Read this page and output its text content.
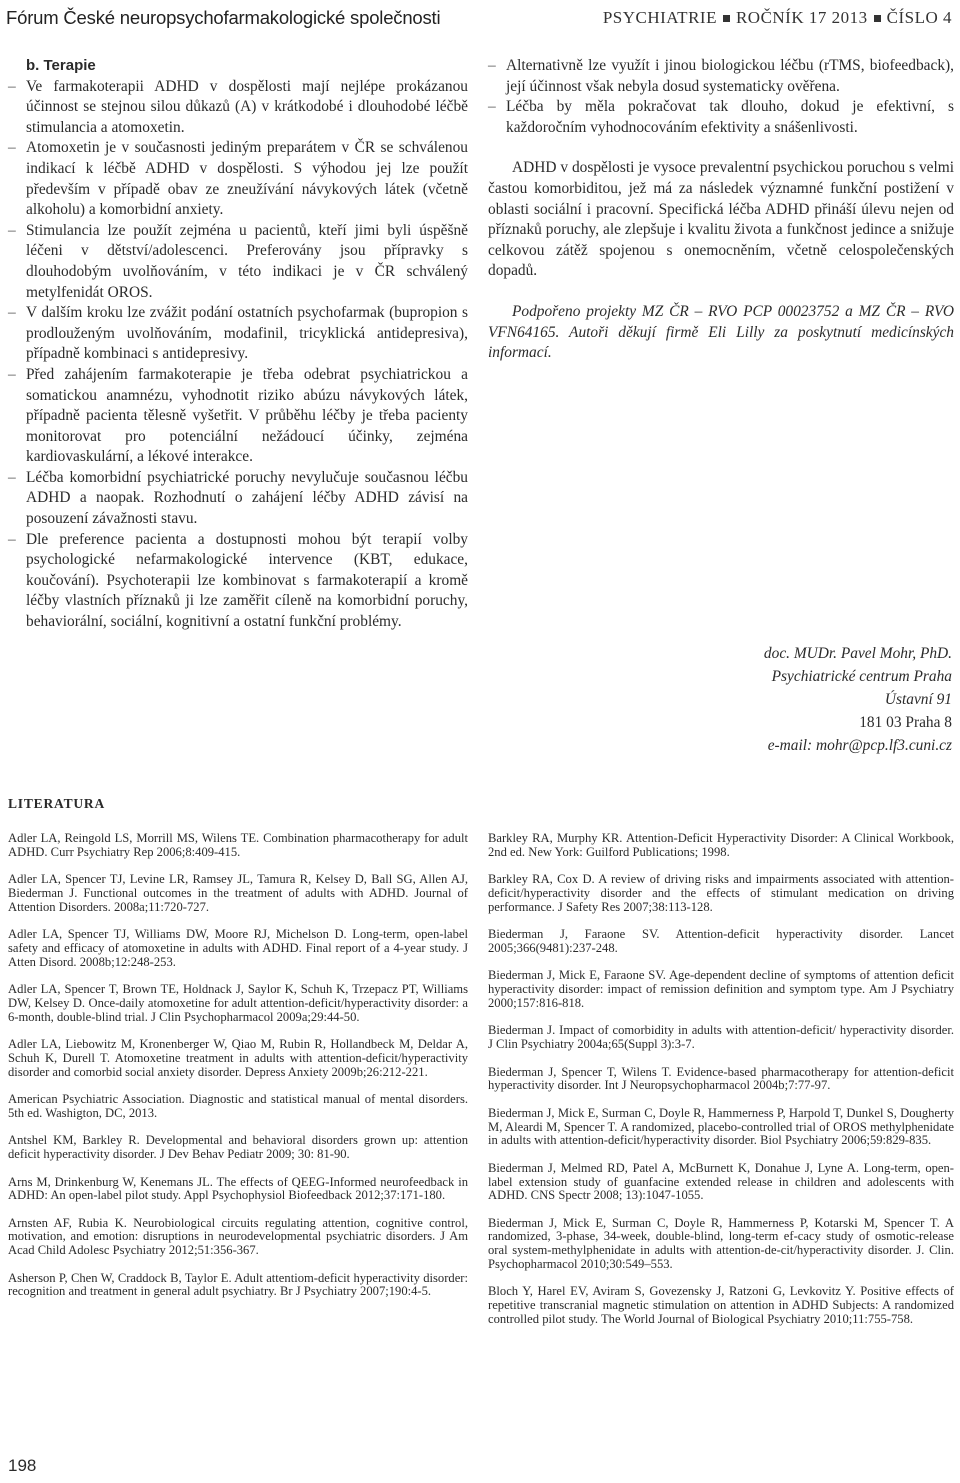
Fórum České neuropsychofarmakologické společnosti	PSYCHIATRIE ROČNÍK 17 2013 ČÍSLO 4
b. Terapie
– Ve farmakoterapii ADHD v dospělosti mají nejlépe prokázanou účinnost se stejnou silou důkazů (A) v krátkodobé i dlouhodobé léčbě stimulancia a atomoxetin.
– Atomoxetin je v současnosti jediným preparátem v ČR se schválenou indikací k léčbě ADHD v dospělosti. S výhodou jej lze použít především v případě obav ze zneužívání návykových látek (včetně alkoholu) a komorbidní anxiety.
– Stimulancia lze použít zejména u pacientů, kteří jimi byli úspěšně léčeni v dětství/adolescenci. Preferovány jsou přípravky s dlouhodobým uvolňováním, v této indikaci je v ČR schválený metylfenidát OROS.
– V dalším kroku lze zvážit podání ostatních psychofarmak (bupropion s prodlouženým uvolňováním, modafinil, tricyklická antidepresiva), případně kombinaci s antidepresivy.
– Před zahájením farmakoterapie je třeba odebrat psychiatrickou a somatickou anamnézu, vyhodnotit riziko abúzu návykových látek, případně pacienta tělesně vyšetřit. V průběhu léčby je třeba pacienty monitorovat pro potenciální nežádoucí účinky, zejména kardiovaskulární, a lékové interakce.
– Léčba komorbidní psychiatrické poruchy nevylučuje současnou léčbu ADHD a naopak. Rozhodnutí o zahájení léčby ADHD závisí na posouzení závažnosti stavu.
– Dle preference pacienta a dostupnosti mohou být terapií volby psychologické nefarmakologické intervence (KBT, edukace, koučování). Psychoterapii lze kombinovat s farmakoterapií a kromě léčby vlastních příznaků ji lze zaměřit cíleně na komorbidní poruchy, behaviorální, sociální, kognitivní a ostatní funkční problémy.
– Alternativně lze využít i jinou biologickou léčbu (rTMS, biofeedback), její účinnost však nebyla dosud systematicky ověřena.
– Léčba by měla pokračovat tak dlouho, dokud je efektivní, s každoročním vyhodnocováním efektivity a snášenlivosti.

ADHD v dospělosti je vysoce prevalentní psychickou poruchou s velmi častou komorbiditou, jež má za následek významné funkční postižení v oblasti sociální i pracovní. Specifická léčba ADHD přináší úlevu nejen od příznaků poruchy, ale zlepšuje i kvalitu života a funkčnost jedince a snižuje celkovou zátěž spojenou s onemocněním, včetně celospolečenských dopadů.

Podpořeno projekty MZ ČR – RVO PCP 00023752 a MZ ČR – RVO VFN64165. Autoři děkují firmě Eli Lilly za poskytnutí medicínských informací.

doc. MUDr. Pavel Mohr, PhD.
Psychiatrické centrum Praha
Ústavní 91
181 03 Praha 8
e-mail: mohr@pcp.lf3.cuni.cz
LITERATURA
Adler LA, Reingold LS, Morrill MS, Wilens TE. Combination pharmacotherapy for adult ADHD. Curr Psychiatry Rep 2006;8:409-415.
Adler LA, Spencer TJ, Levine LR, Ramsey JL, Tamura R, Kelsey D, Ball SG, Allen AJ, Biederman J. Functional outcomes in the treatment of adults with ADHD. Journal of Attention Disorders. 2008a;11:720-727.
Adler LA, Spencer TJ, Williams DW, Moore RJ, Michelson D. Long-term, open-label safety and efficacy of atomoxetine in adults with ADHD. Final report of a 4-year study. J Atten Disord. 2008b;12:248-253.
Adler LA, Spencer T, Brown TE, Holdnack J, Saylor K, Schuh K, Trzepacz PT, Williams DW, Kelsey D. Once-daily atomoxetine for adult attention-deficit/hyperactivity disorder: a 6-month, double-blind trial. J Clin Psychopharmacol 2009a;29:44-50.
Adler LA, Liebowitz M, Kronenberger W, Qiao M, Rubin R, Hollandbeck M, Deldar A, Schuh K, Durell T. Atomoxetine treatment in adults with attention-deficit/hyperactivity disorder and comorbid social anxiety disorder. Depress Anxiety 2009b;26:212-221.
American Psychiatric Association. Diagnostic and statistical manual of mental disorders. 5th ed. Washigton, DC, 2013.
Antshel KM, Barkley R. Developmental and behavioral disorders grown up: attention deficit hyperactivity disorder. J Dev Behav Pediatr 2009; 30: 81-90.
Arns M, Drinkenburg W, Kenemans JL. The effects of QEEG-Informed neurofeedback in ADHD: An open-label pilot study. Appl Psychophysiol Biofeedback 2012;37:171-180.
Arnsten AF, Rubia K. Neurobiological circuits regulating attention, cognitive control, motivation, and emotion: disruptions in neurodevelopmental psychiatric disorders. J Am Acad Child Adolesc Psychiatry 2012;51:356-367.
Asherson P, Chen W, Craddock B, Taylor E. Adult attentiom-deficit hyperactivity disorder: recognition and treatment in general adult psychiatry. Br J Psychiatry 2007;190:4-5.
Barkley RA, Murphy KR. Attention-Deficit Hyperactivity Disorder: A Clinical Workbook, 2nd ed. New York: Guilford Publications; 1998.
Barkley RA, Cox D. A review of driving risks and impairments associated with attention-deficit/hyperactivity disorder and the effects of stimulant medication on driving performance. J Safety Res 2007;38:113-128.
Biederman J, Faraone SV. Attention-deficit hyperactivity disorder. Lancet 2005;366(9481):237-248.
Biederman J, Mick E, Faraone SV. Age-dependent decline of symptoms of attention deficit hyperactivity disorder: impact of remission definition and symptom type. Am J Psychiatry 2000;157:816-818.
Biederman J. Impact of comorbidity in adults with attention-deficit/ hyperactivity disorder. J Clin Psychiatry 2004a;65(Suppl 3):3-7.
Biederman J, Spencer T, Wilens T. Evidence-based pharmacotherapy for attention-deficit hyperactivity disorder. Int J Neuropsychopharmacol 2004b;7:77-97.
Biederman J, Mick E, Surman C, Doyle R, Hammerness P, Harpold T, Dunkel S, Dougherty M, Aleardi M, Spencer T. A randomized, placebo-controlled trial of OROS methylphenidate in adults with attention-deficit/hyperactivity disorder. Biol Psychiatry 2006;59:829-835.
Biederman J, Melmed RD, Patel A, McBurnett K, Donahue J, Lyne A. Long-term, open-label extension study of guanfacine extended release in children and adolescents with ADHD. CNS Spectr 2008; 13):1047-1055.
Biederman J, Mick E, Surman C, Doyle R, Hammerness P, Kotarski M, Spencer T. A randomized, 3-phase, 34-week, double-blind, long-term ef-cacy study of osmotic-release oral system-methylphenidate in adults with attention-de-cit/hyperactivity disorder. J. Clin. Psychopharmacol 2010;30:549–553.
Bloch Y, Harel EV, Aviram S, Govezensky J, Ratzoni G, Levkovitz Y. Positive effects of repetitive transcranial magnetic stimulation on attention in ADHD Subjects: A randomized controlled pilot study. The World Journal of Biological Psychiatry 2010;11:755-758.
198
